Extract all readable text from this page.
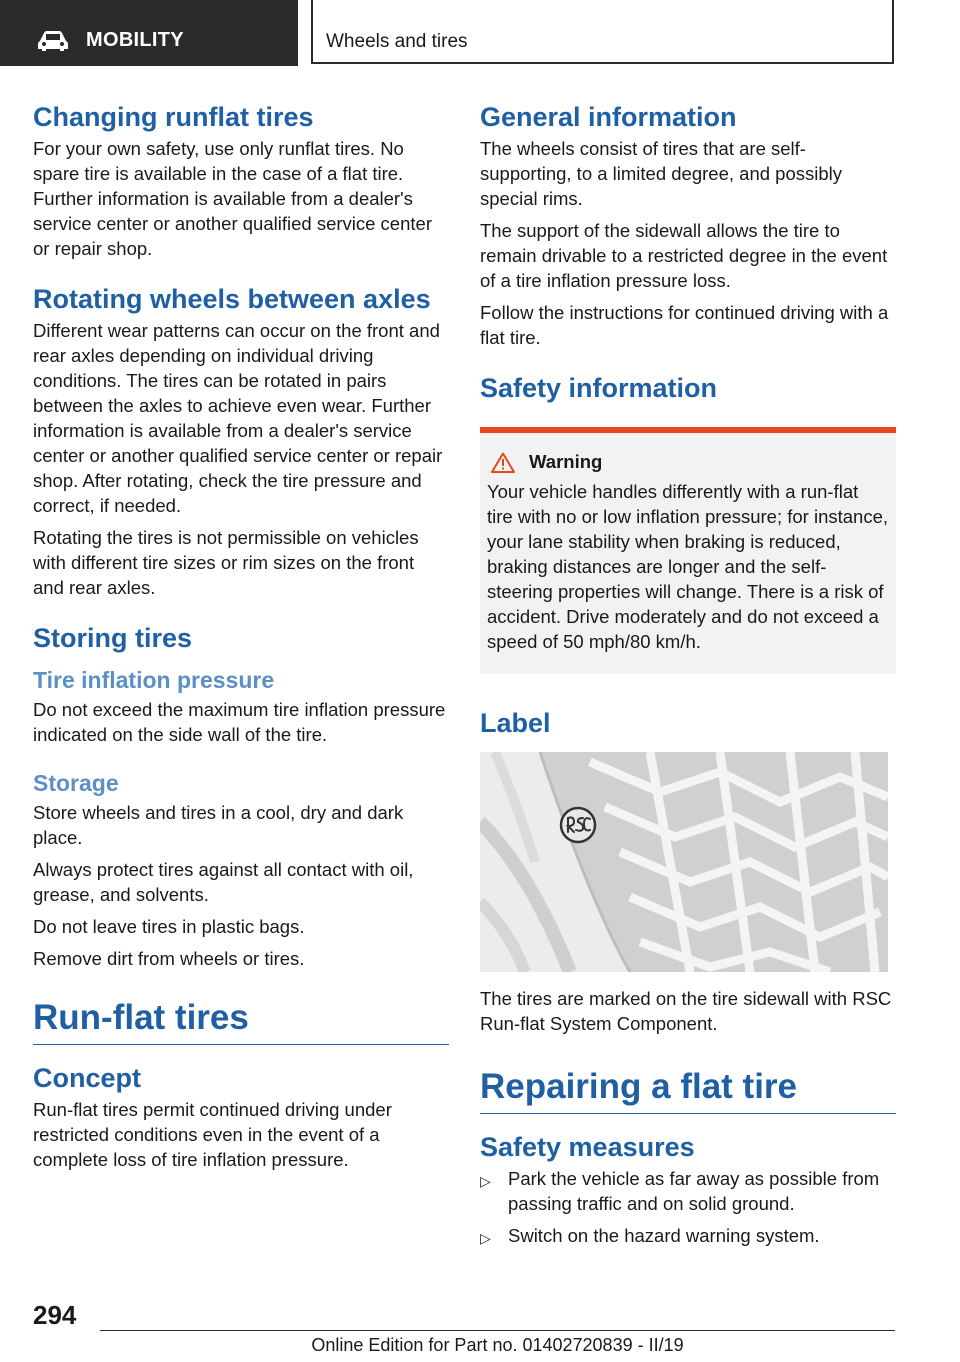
MOBILITY	Wheels and tires
Changing runflat tires

For your own safety, use only runflat tires. No spare tire is available in the case of a flat tire. Further information is available from a dealer's service center or another qualified service center or repair shop.

Rotating wheels between axles

Different wear patterns can occur on the front and rear axles depending on individual driving conditions. The tires can be rotated in pairs between the axles to achieve even wear. Further information is available from a dealer's service center or another qualified service center or repair shop. After rotating, check the tire pressure and correct, if needed.

Rotating the tires is not permissible on vehicles with different tire sizes or rim sizes on the front and rear axles.

Storing tires
Tire inflation pressure

Do not exceed the maximum tire inflation pressure indicated on the side wall of the tire.

Storage

Store wheels and tires in a cool, dry and dark place.

Always protect tires against all contact with oil, grease, and solvents.

Do not leave tires in plastic bags.

Remove dirt from wheels or tires.

Run-flat tires
Concept

Run-flat tires permit continued driving under restricted conditions even in the event of a complete loss of tire inflation pressure.

General information

The wheels consist of tires that are self-supporting, to a limited degree, and possibly special rims.

The support of the sidewall allows the tire to remain drivable to a restricted degree in the event of a tire inflation pressure loss.

Follow the instructions for continued driving with a flat tire.

Safety information
Warning

Your vehicle handles differently with a run-flat tire with no or low inflation pressure; for instance, your lane stability when braking is reduced, braking distances are longer and the self-steering properties will change. There is a risk of accident. Drive moderately and do not exceed a speed of 50 mph/80 km/h.

Label

The tires are marked on the tire sidewall with RSC Run-flat System Component.

Repairing a flat tire
Safety measures
▷ Park the vehicle as far away as possible from passing traffic and on solid ground.
▷ Switch on the hazard warning system.
294
Online Edition for Part no. 01402720839 - II/19
